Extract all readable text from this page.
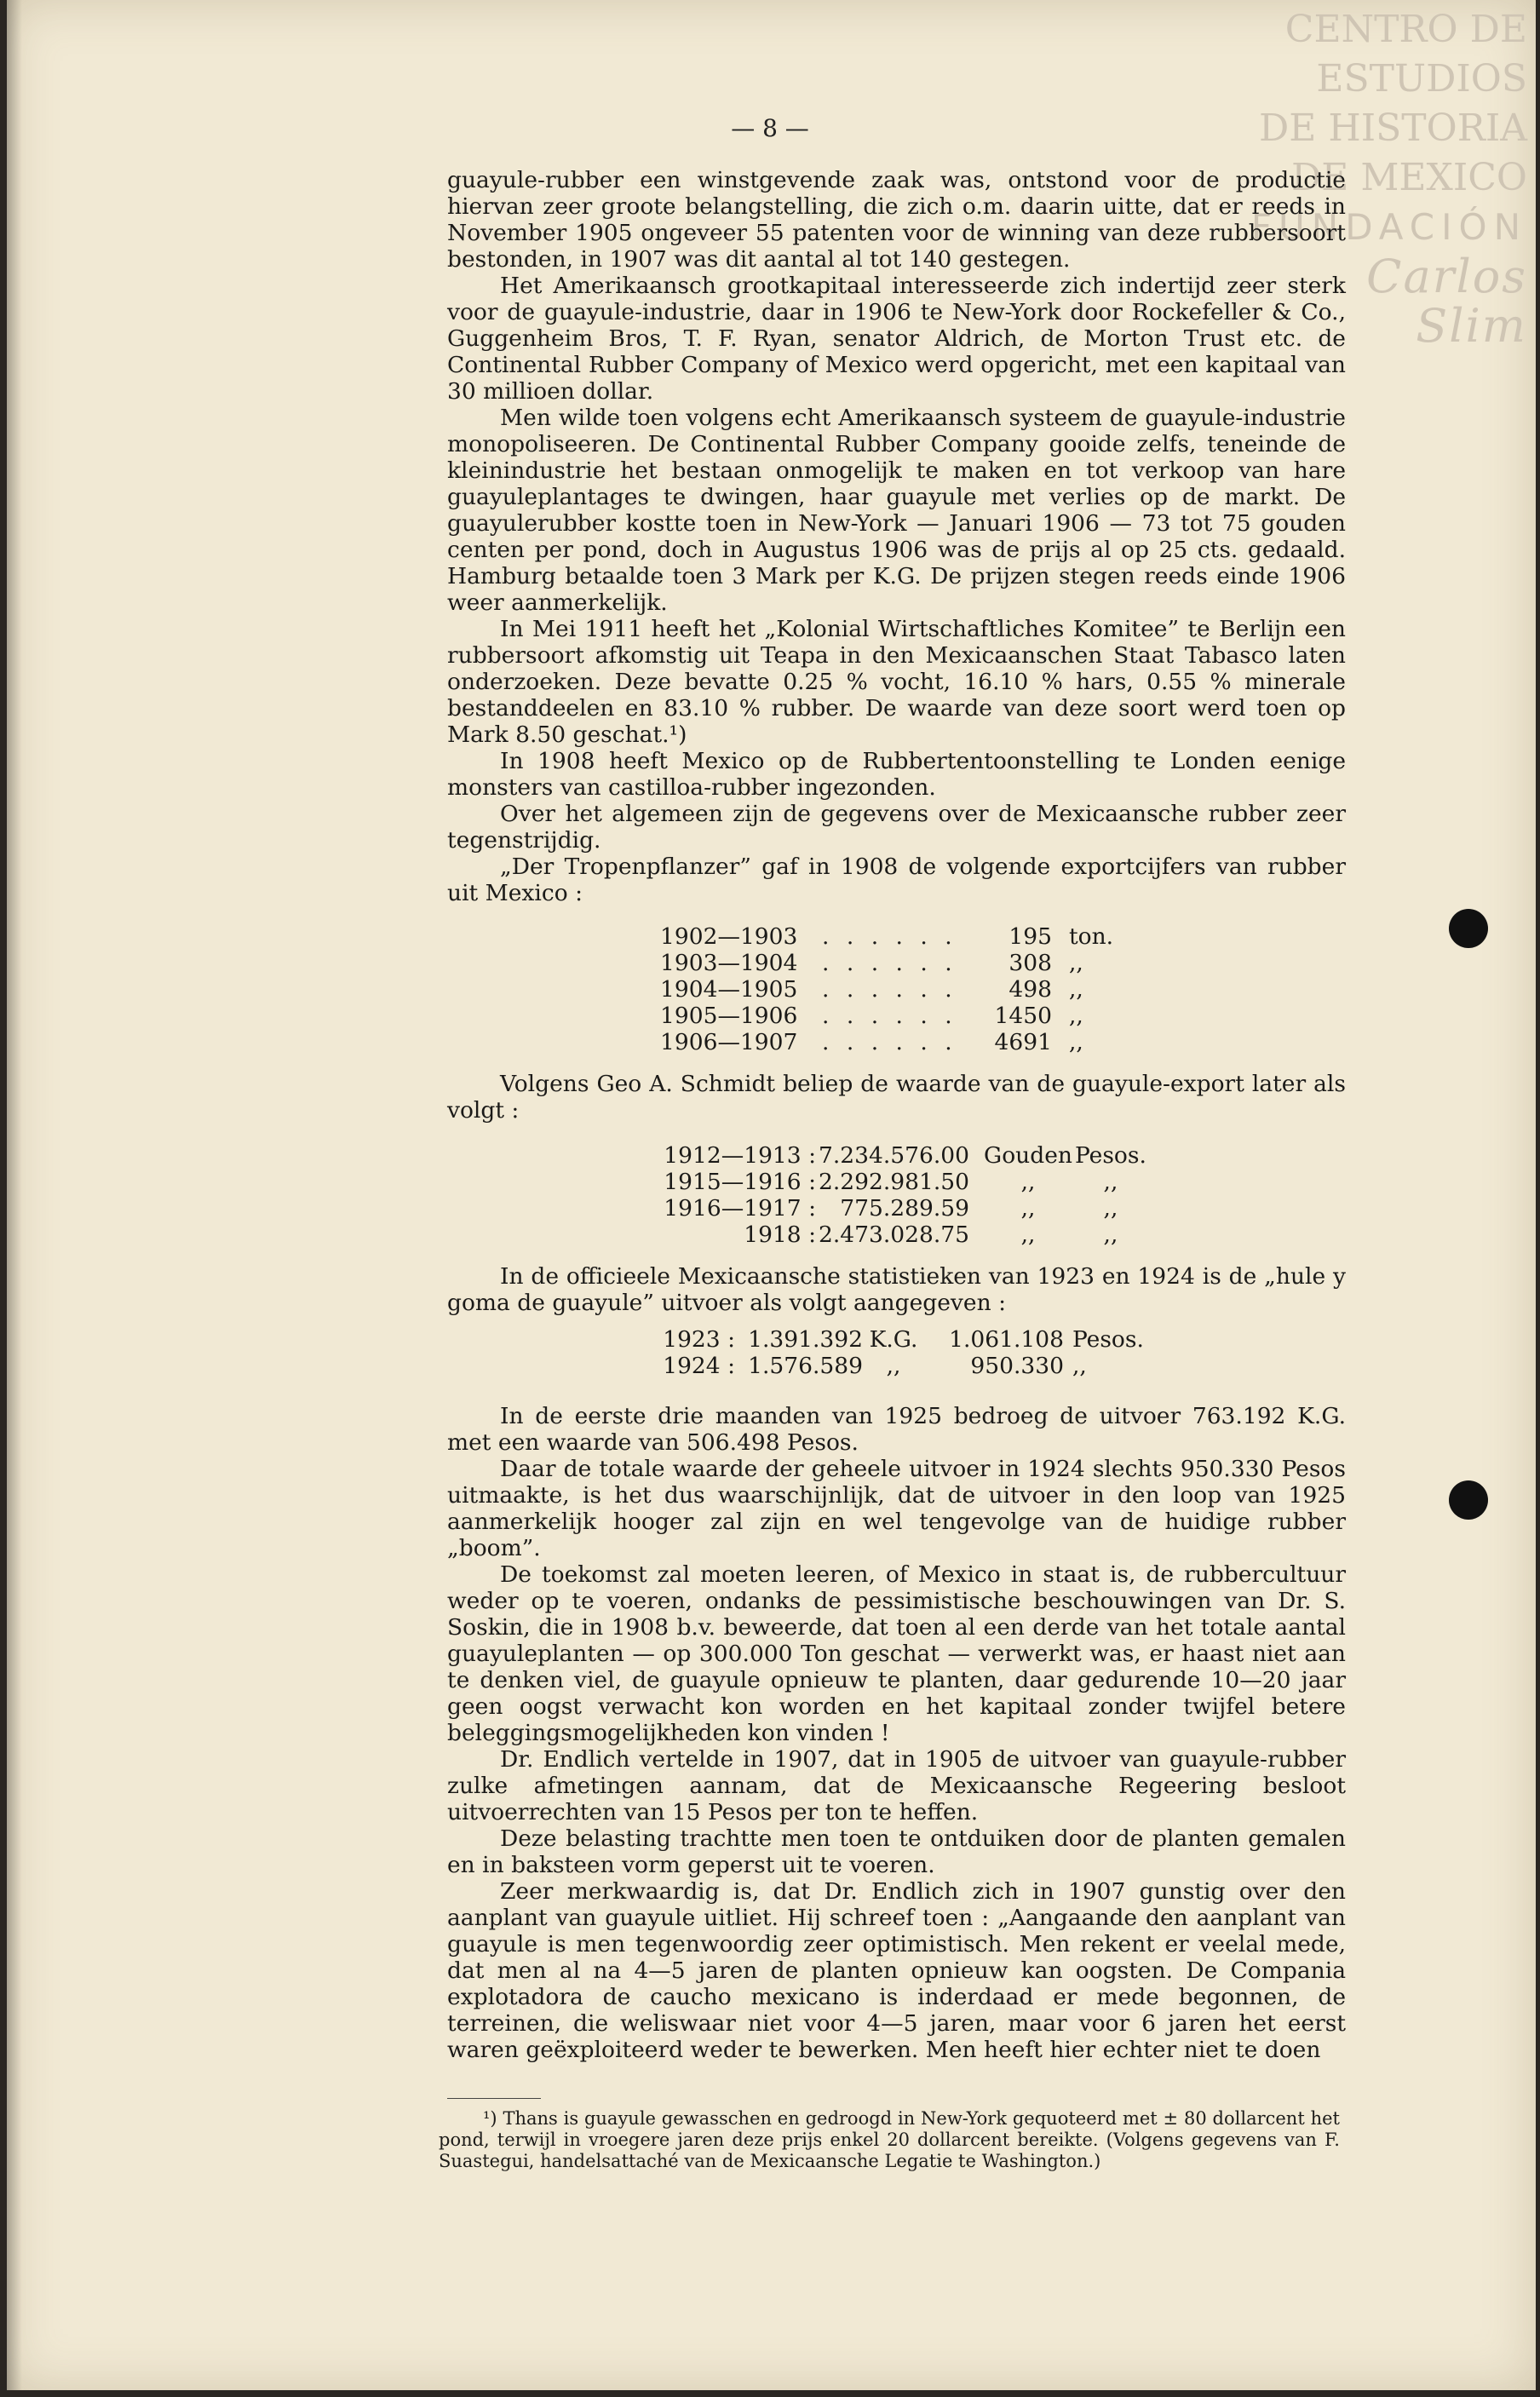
CENTRO DE
ESTUDIOS
DE HISTORIA
DE MEXICO
FUNDACIÓN
Carlos Slim
— 8 —

guayule-rubber een winstgevende zaak was, ontstond voor de productie hiervan zeer groote belangstelling, die zich o.m. daarin uitte, dat er reeds in November 1905 ongeveer 55 patenten voor de winning van deze rubbersoort bestonden, in 1907 was dit aantal al tot 140 gestegen.

Het Amerikaansch grootkapitaal interesseerde zich indertijd zeer sterk voor de guayule-industrie, daar in 1906 te New-York door Rockefeller & Co., Guggenheim Bros, T. F. Ryan, senator Aldrich, de Morton Trust etc. de Continental Rubber Company of Mexico werd opgericht, met een kapitaal van 30 millioen dollar.

Men wilde toen volgens echt Amerikaansch systeem de guayule-industrie monopoliseeren. De Continental Rubber Company gooide zelfs, teneinde de kleinindustrie het bestaan onmogelijk te maken en tot verkoop van hare guayuleplantages te dwingen, haar guayule met verlies op de markt. De guayulerubber kostte toen in New-York — Januari 1906 — 73 tot 75 gouden centen per pond, doch in Augustus 1906 was de prijs al op 25 cts. gedaald. Hamburg betaalde toen 3 Mark per K.G. De prijzen stegen reeds einde 1906 weer aanmerkelijk.

In Mei 1911 heeft het „Kolonial Wirtschaftliches Komitee” te Berlijn een rubbersoort afkomstig uit Teapa in den Mexicaanschen Staat Tabasco laten onderzoeken. Deze bevatte 0.25 % vocht, 16.10 % hars, 0.55 % minerale bestanddeelen en 83.10 % rubber. De waarde van deze soort werd toen op Mark 8.50 geschat.¹)

In 1908 heeft Mexico op de Rubbertentoonstelling te Londen eenige monsters van castilloa-rubber ingezonden.

Over het algemeen zijn de gegevens over de Mexicaansche rubber zeer tegenstrijdig.

„Der Tropenpflanzer” gaf in 1908 de volgende exportcijfers van rubber uit Mexico :

1902—1903	. . . . . .	195	ton.
1903—1904	. . . . . .	308	,,
1904—1905	. . . . . .	498	,,
1905—1906	. . . . . .	1450	,,
1906—1907	. . . . . .	4691	,,

Volgens Geo A. Schmidt beliep de waarde van de guayule-export later als volgt :

1912—1913 :	7.234.576.00	Gouden	Pesos.
1915—1916 :	2.292.981.50	,,	,,
1916—1917 :	775.289.59	,,	,,
1918 :	2.473.028.75	,,	,,

In de officieele Mexicaansche statistieken van 1923 en 1924 is de „hule y goma de guayule” uitvoer als volgt aangegeven :

1923 :	1.391.392	K.G.	1.061.108	Pesos.
1924 :	1.576.589	,,	950.330	,,

In de eerste drie maanden van 1925 bedroeg de uitvoer 763.192 K.G. met een waarde van 506.498 Pesos.

Daar de totale waarde der geheele uitvoer in 1924 slechts 950.330 Pesos uitmaakte, is het dus waarschijnlijk, dat de uitvoer in den loop van 1925 aanmerkelijk hooger zal zijn en wel tengevolge van de huidige rubber „boom”.

De toekomst zal moeten leeren, of Mexico in staat is, de rubbercultuur weder op te voeren, ondanks de pessimistische beschouwingen van Dr. S. Soskin, die in 1908 b.v. beweerde, dat toen al een derde van het totale aantal guayuleplanten — op 300.000 Ton geschat — verwerkt was, er haast niet aan te denken viel, de guayule opnieuw te planten, daar gedurende 10—20 jaar geen oogst verwacht kon worden en het kapitaal zonder twijfel betere beleggingsmogelijkheden kon vinden !

Dr. Endlich vertelde in 1907, dat in 1905 de uitvoer van guayule-rubber zulke afmetingen aannam, dat de Mexicaansche Regeering besloot uitvoerrechten van 15 Pesos per ton te heffen.

Deze belasting trachtte men toen te ontduiken door de planten gemalen en in baksteen vorm geperst uit te voeren.

Zeer merkwaardig is, dat Dr. Endlich zich in 1907 gunstig over den aanplant van guayule uitliet. Hij schreef toen : „Aangaande den aanplant van guayule is men tegenwoordig zeer optimistisch. Men rekent er veelal mede, dat men al na 4—5 jaren de planten opnieuw kan oogsten. De Compania explotadora de caucho mexicano is inderdaad er mede begonnen, de terreinen, die weliswaar niet voor 4—5 jaren, maar voor 6 jaren het eerst waren geëxploiteerd weder te bewerken. Men heeft hier echter niet te doen

¹) Thans is guayule gewasschen en gedroogd in New-York gequoteerd met ± 80 dollarcent het pond, terwijl in vroegere jaren deze prijs enkel 20 dollarcent bereikte. (Volgens gegevens van F. Suastegui, handelsattaché van de Mexicaansche Legatie te Washington.)
